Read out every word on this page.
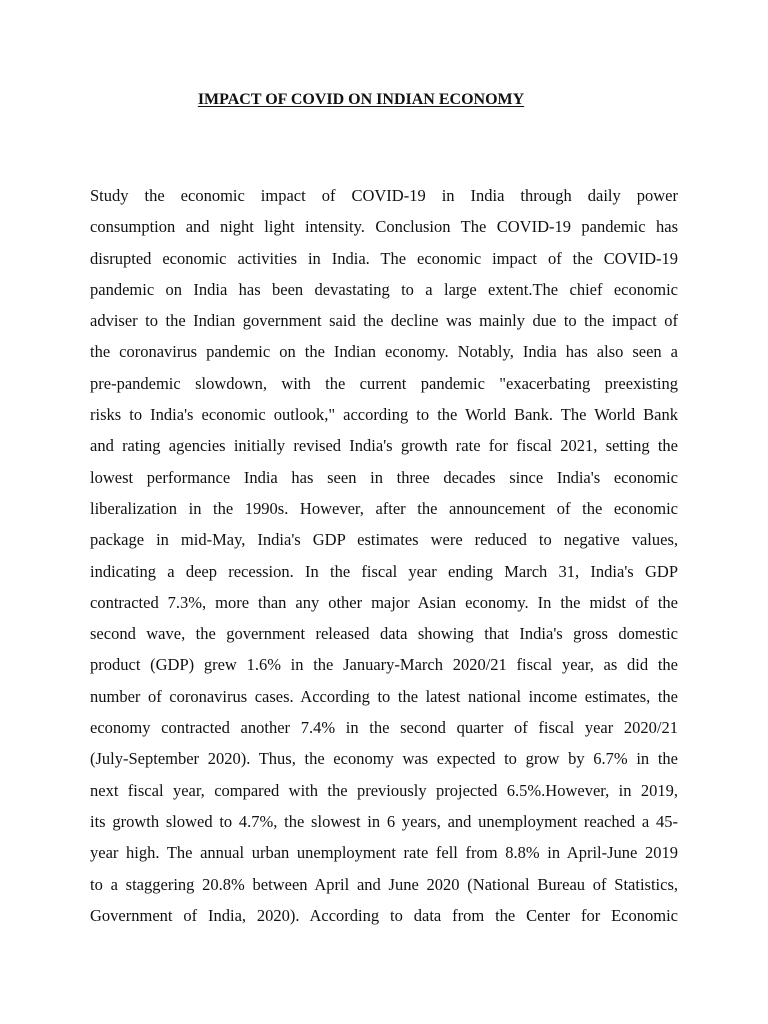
IMPACT OF COVID ON INDIAN ECONOMY
Study the economic impact of COVID-19 in India through daily power
consumption and night light intensity. Conclusion The COVID-19 pandemic has
disrupted economic activities in India. The economic impact of the COVID-19
pandemic on India has been devastating to a large extent.The chief economic
adviser to the Indian government said the decline was mainly due to the impact of
the coronavirus pandemic on the Indian economy. Notably, India has also seen a
pre-pandemic slowdown, with the current pandemic "exacerbating preexisting
risks to India's economic outlook," according to the World Bank. The World Bank
and rating agencies initially revised India's growth rate for fiscal 2021, setting the
lowest performance India has seen in three decades since India's economic
liberalization in the 1990s. However, after the announcement of the economic
package in mid-May, India's GDP estimates were reduced to negative values,
indicating a deep recession. In the fiscal year ending March 31, India's GDP
contracted 7.3%, more than any other major Asian economy. In the midst of the
second wave, the government released data showing that India's gross domestic
product (GDP) grew 1.6% in the January-March 2020/21 fiscal year, as did the
number of coronavirus cases. According to the latest national income estimates, the
economy contracted another 7.4% in the second quarter of fiscal year 2020/21
(July-September 2020). Thus, the economy was expected to grow by 6.7% in the
next fiscal year, compared with the previously projected 6.5%.However, in 2019,
its growth slowed to 4.7%, the slowest in 6 years, and unemployment reached a 45-
year high. The annual urban unemployment rate fell from 8.8% in April-June 2019
to a staggering 20.8% between April and June 2020 (National Bureau of Statistics,
Government of India, 2020). According to data from the Center for Economic
